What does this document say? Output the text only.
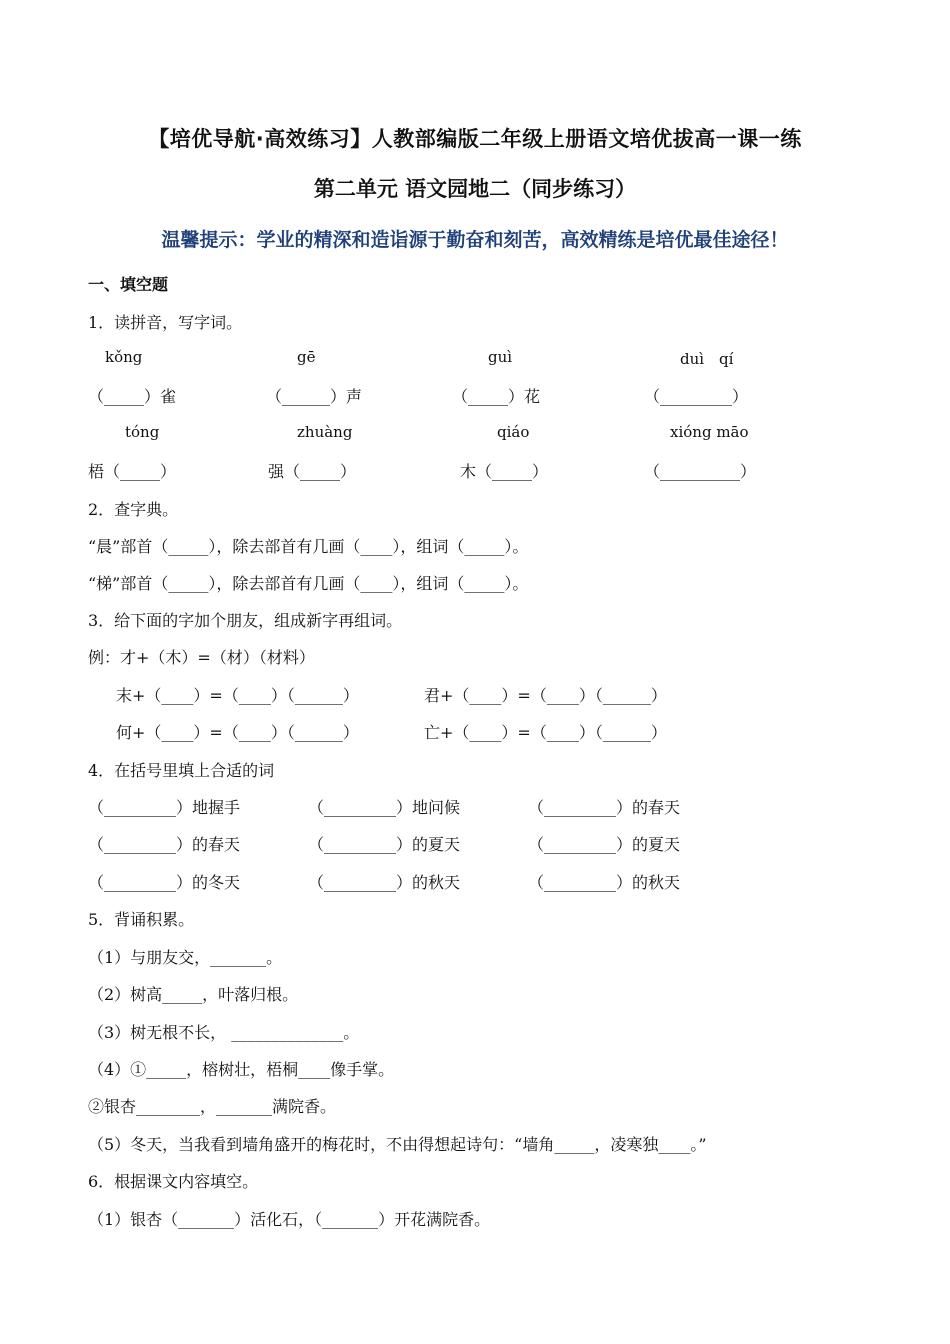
【培优导航·高效练习】人教部编版二年级上册语文培优拔高一课一练
第二单元 语文园地二（同步练习）
温馨提示：学业的精深和造诣源于勤奋和刻苦，高效精练是培优最佳途径！
一、填空题
1．读拼音，写字词。
kǒng	gē	guì	duì　qí
（_____）雀	（______）声	（_____）花	（_________）
tóng	zhuàng	qiáo	xióng māo
梧（_____）	强（_____）	木（_____）	（__________）
2．查字典。
“晨”部首（_____），除去部首有几画（____），组词（_____）。
“梯”部首（_____），除去部首有几画（____），组词（_____）。
3．给下面的字加个朋友，组成新字再组词。
例：才+（木）=（材）（材料）
末+（____）=（____）（______）	君+（____）=（____）（______）
何+（____）=（____）（______）	亡+（____）=（____）（______）
4．在括号里填上合适的词
（_________）地握手	（_________）地问候	（_________）的春天
（_________）的春天	（_________）的夏天	（_________）的夏天
（_________）的冬天	（_________）的秋天	（_________）的秋天
5．背诵积累。
（1）与朋友交，_______。
（2）树高_____，叶落归根。
（3）树无根不长， ______________。
（4）①_____，榕树壮，梧桐____像手掌。
②银杏________，_______满院香。
（5）冬天，当我看到墙角盛开的梅花时，不由得想起诗句：“墙角_____，凌寒独____。”
6．根据课文内容填空。
（1）银杏（_______）活化石，（_______）开花满院香。
